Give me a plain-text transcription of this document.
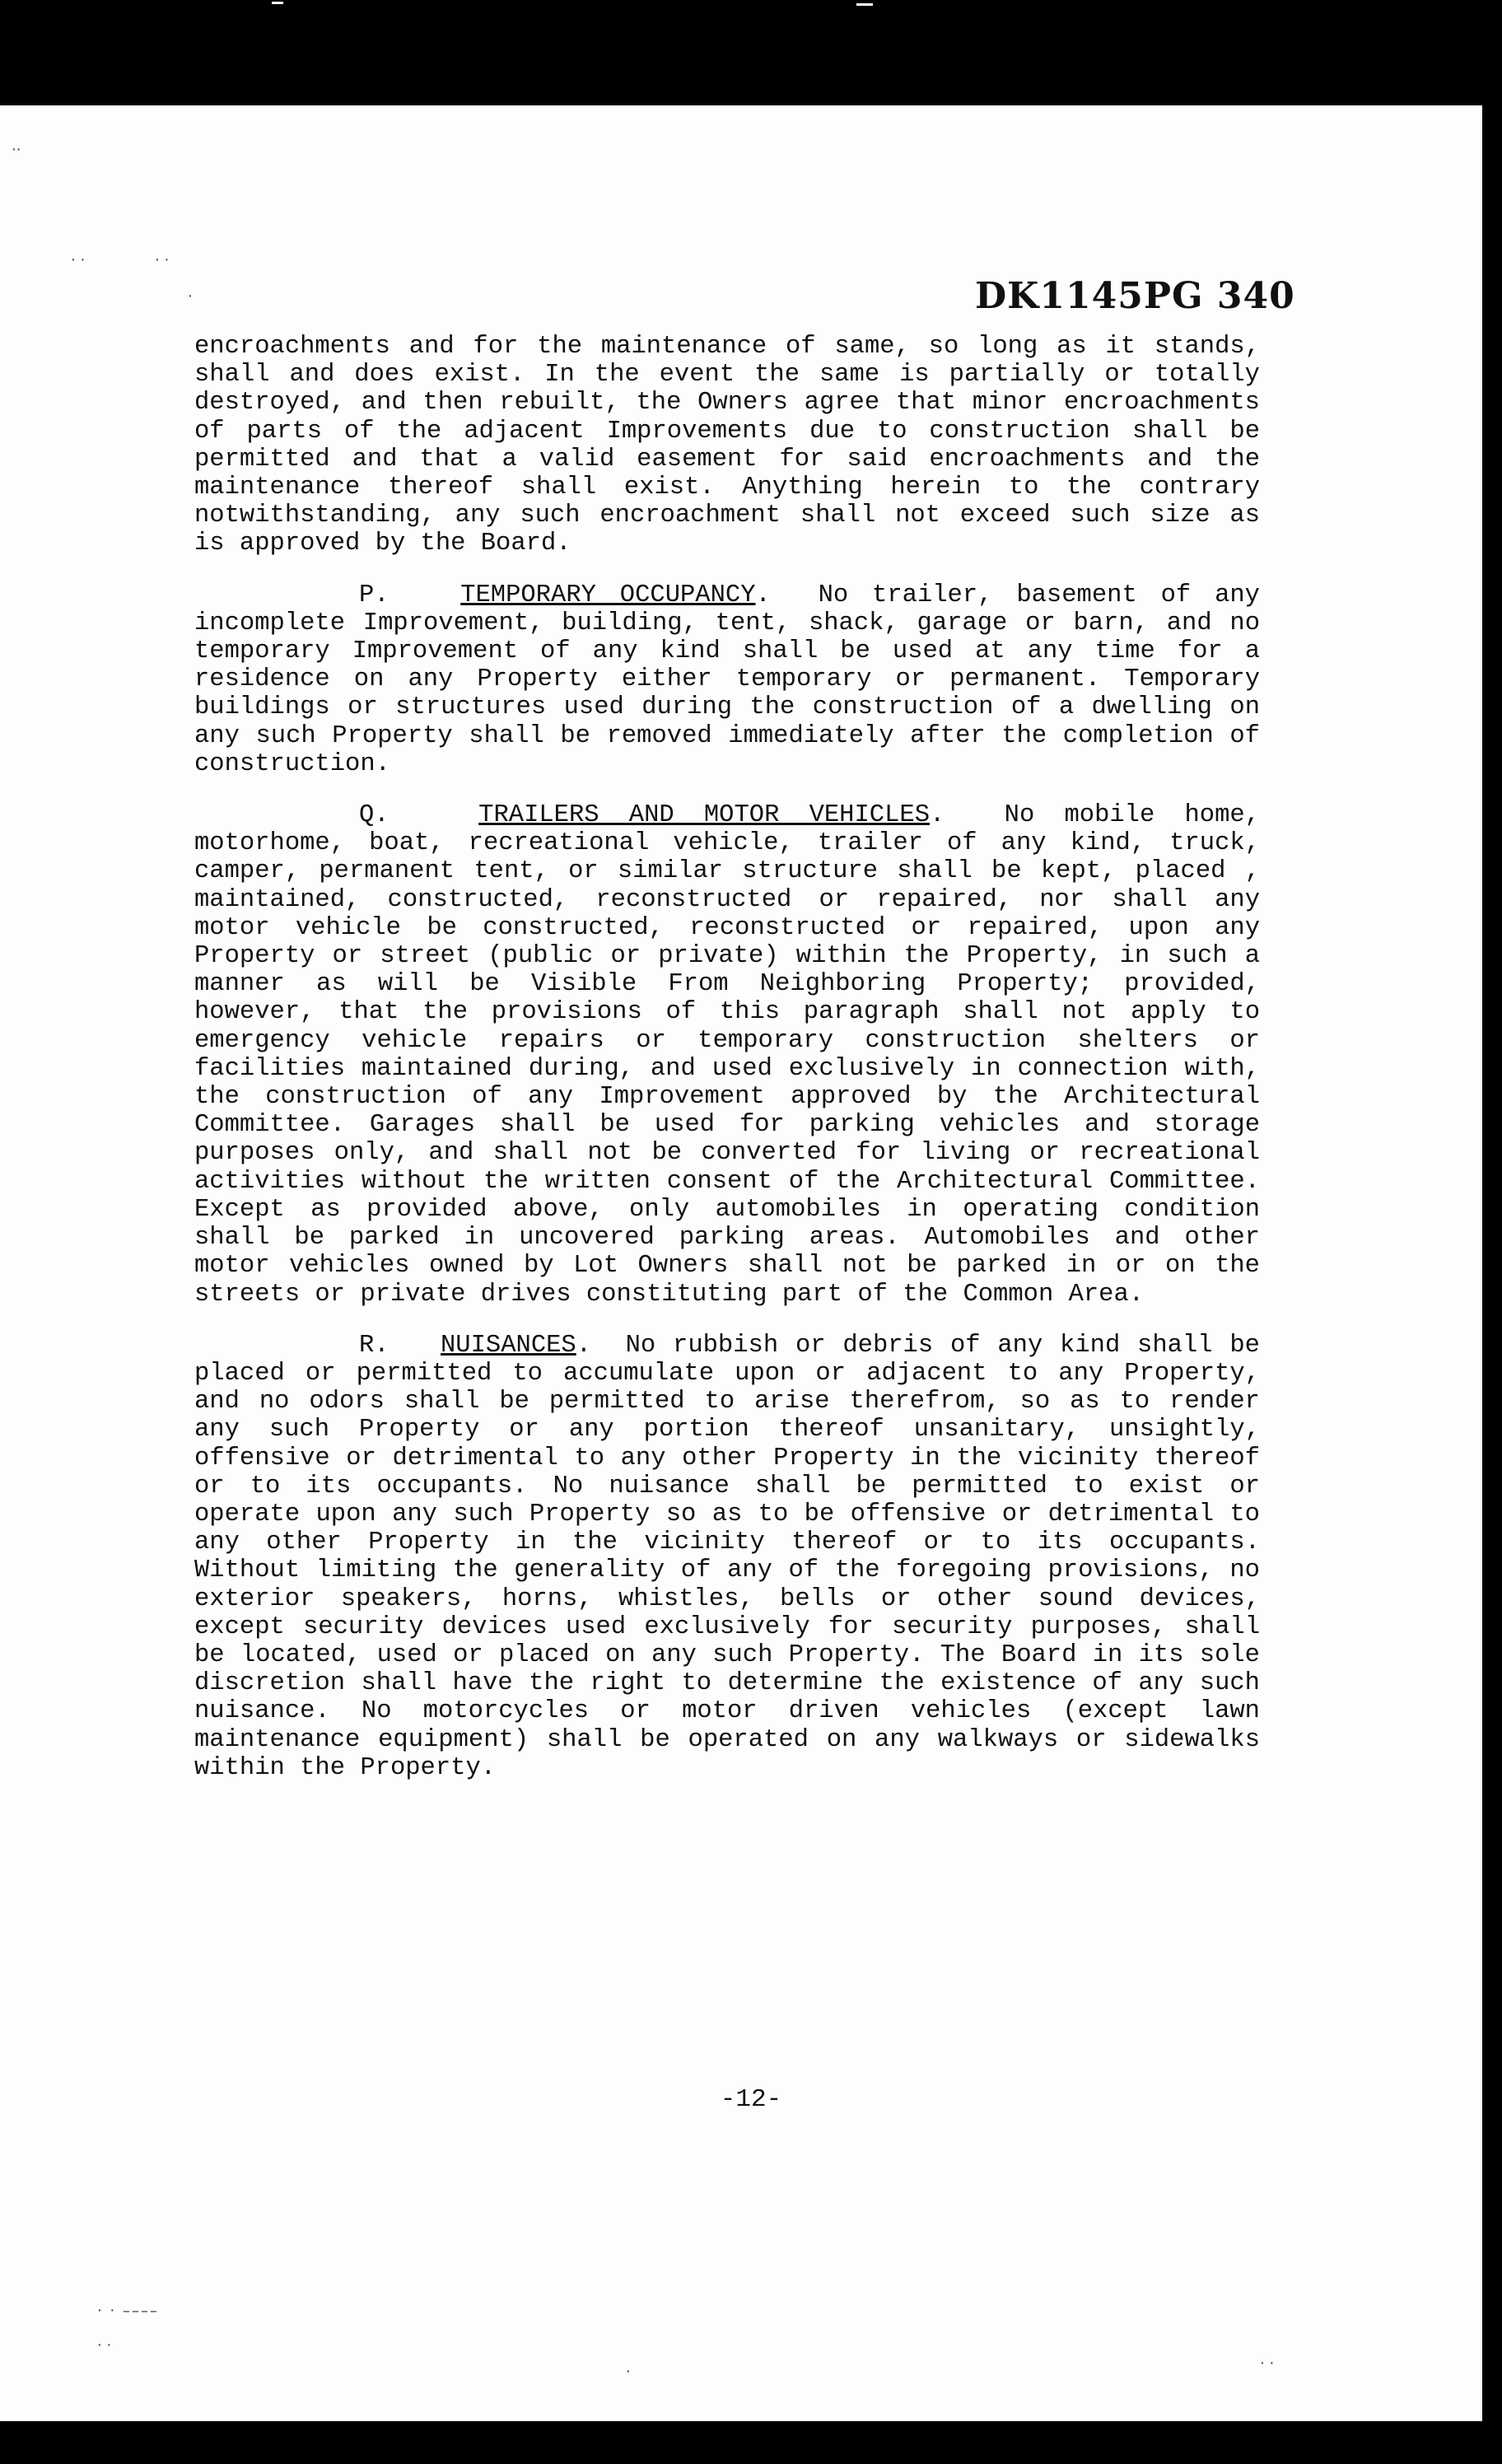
‧‧
‧ ‧	‧ ‧
‧
‧ ‧ ––––
‧ ‧
‧	‧ ‧
DK1145PG 340

encroachments and for the maintenance of same, so long as it stands, shall and does exist. In the event the same is partially or totally destroyed, and then rebuilt, the Owners agree that minor encroachments of parts of the adjacent Improvements due to construction shall be permitted and that a valid easement for said encroachments and the maintenance thereof shall exist. Anything herein to the contrary notwithstanding, any such encroachment shall not exceed such size as is approved by the Board.

P.	TEMPORARY OCCUPANCY.  No trailer, basement of any incomplete Improvement, building, tent, shack, garage or barn, and no temporary Improvement of any kind shall be used at any time for a residence on any Property either temporary or permanent. Temporary buildings or structures used during the construction of a dwelling on any such Property shall be removed immediately after the completion of construction.

Q.	TRAILERS AND MOTOR VEHICLES.  No mobile home, motorhome, boat, recreational vehicle, trailer of any kind, truck, camper, permanent tent, or similar structure shall be kept, placed , maintained, constructed, reconstructed or repaired, nor shall any motor vehicle be constructed, reconstructed or repaired, upon any Property or street (public or private) within the Property, in such a manner as will be Visible From Neighboring Property; provided, however, that the provisions of this paragraph shall not apply to emergency vehicle repairs or temporary construction shelters or facilities maintained during, and used exclusively in connection with, the construction of any Improvement approved by the Architectural Committee. Garages shall be used for parking vehicles and storage purposes only, and shall not be converted for living or recreational activities without the written consent of the Architectural Committee. Except as provided above, only automobiles in operating condition shall be parked in uncovered parking areas. Automobiles and other motor vehicles owned by Lot Owners shall not be parked in or on the streets or private drives constituting part of the Common Area.

R. NUISANCES.  No rubbish or debris of any kind shall be placed or permitted to accumulate upon or adjacent to any Property, and no odors shall be permitted to arise therefrom, so as to render any such Property or any portion thereof unsanitary, unsightly, offensive or detrimental to any other Property in the vicinity thereof or to its occupants. No nuisance shall be permitted to exist or operate upon any such Property so as to be offensive or detrimental to any other Property in the vicinity thereof or to its occupants. Without limiting the generality of any of the foregoing provisions, no exterior speakers, horns, whistles, bells or other sound devices, except security devices used exclusively for security purposes, shall be located, used or placed on any such Property. The Board in its sole discretion shall have the right to determine the existence of any such nuisance. No motorcycles or motor driven vehicles (except lawn maintenance equipment) shall be operated on any walkways or sidewalks within the Property.

-12-
